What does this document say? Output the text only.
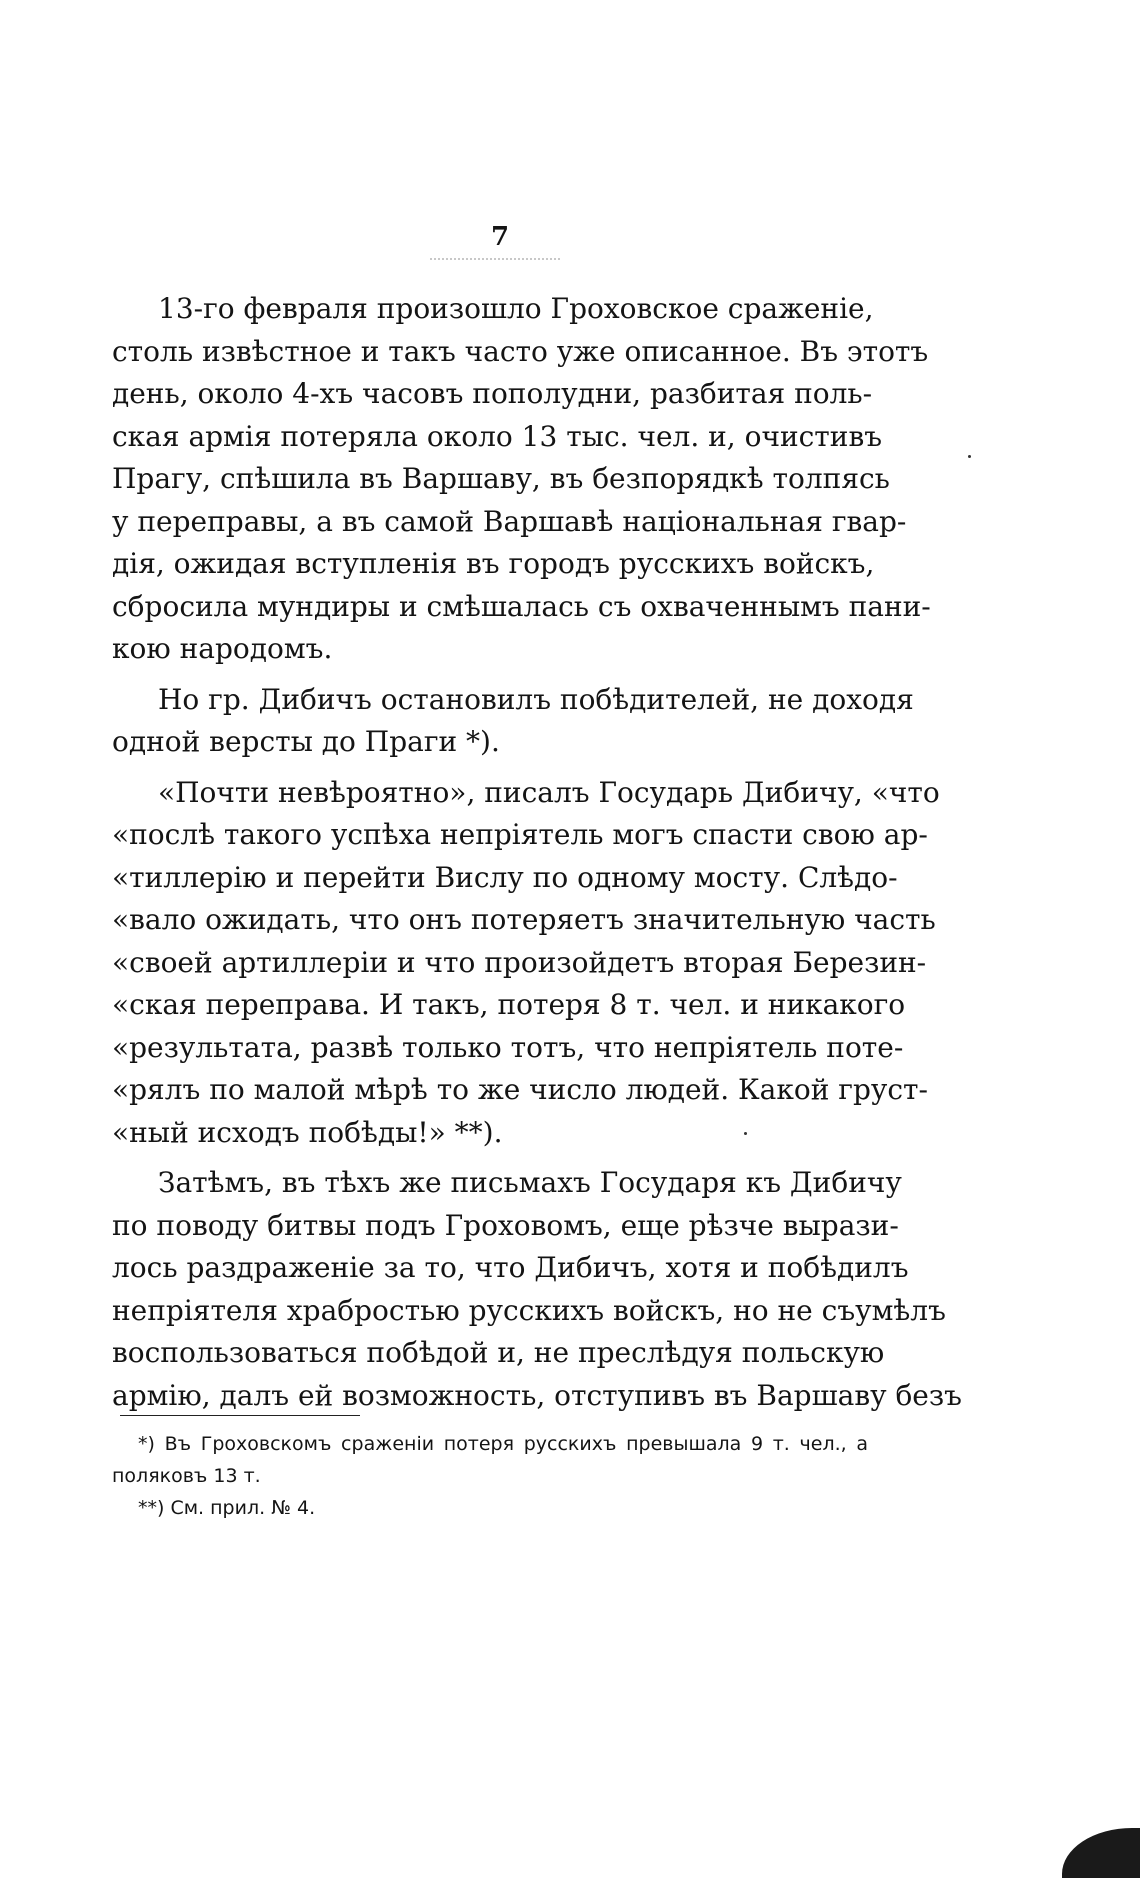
7
13-го февраля произошло Гроховское сраженіе,
столь извѣстное и такъ часто уже описанное. Въ этотъ
день, около 4-хъ часовъ пополудни, разбитая поль-
ская армія потеряла около 13 тыс. чел. и, очистивъ
Прагу, спѣшила въ Варшаву, въ безпорядкѣ толпясь
у переправы, а въ самой Варшавѣ національная гвар-
дія, ожидая вступленія въ городъ русскихъ войскъ,
сбросила мундиры и смѣшалась съ охваченнымъ пани-
кою народомъ.
Но гр. Дибичъ остановилъ побѣдителей, не доходя
одной версты до Праги *).
«Почти невѣроятно», писалъ Государь Дибичу, «что
«послѣ такого успѣха непріятель могъ спасти свою ар-
«тиллерію и перейти Вислу по одному мосту. Слѣдо-
«вало ожидать, что онъ потеряетъ значительную часть
«своей артиллеріи и что произойдетъ вторая Березин-
«ская переправа. И такъ, потеря 8 т. чел. и никакого
«результата, развѣ только тотъ, что непріятель поте-
«рялъ по малой мѣрѣ то же число людей. Какой груст-
«ный исходъ побѣды!» **).
Затѣмъ, въ тѣхъ же письмахъ Государя къ Дибичу
по поводу битвы подъ Гроховомъ, еще рѣзче вырази-
лось раздраженіе за то, что Дибичъ, хотя и побѣдилъ
непріятеля храбростью русскихъ войскъ, но не съумѣлъ
воспользоваться побѣдой и, не преслѣдуя польскую
армію, далъ ей возможность, отступивъ въ Варшаву безъ
*) Въ Гроховскомъ сраженіи потеря русскихъ превышала 9 т. чел., а
поляковъ 13 т.
**) См. прил. № 4.
